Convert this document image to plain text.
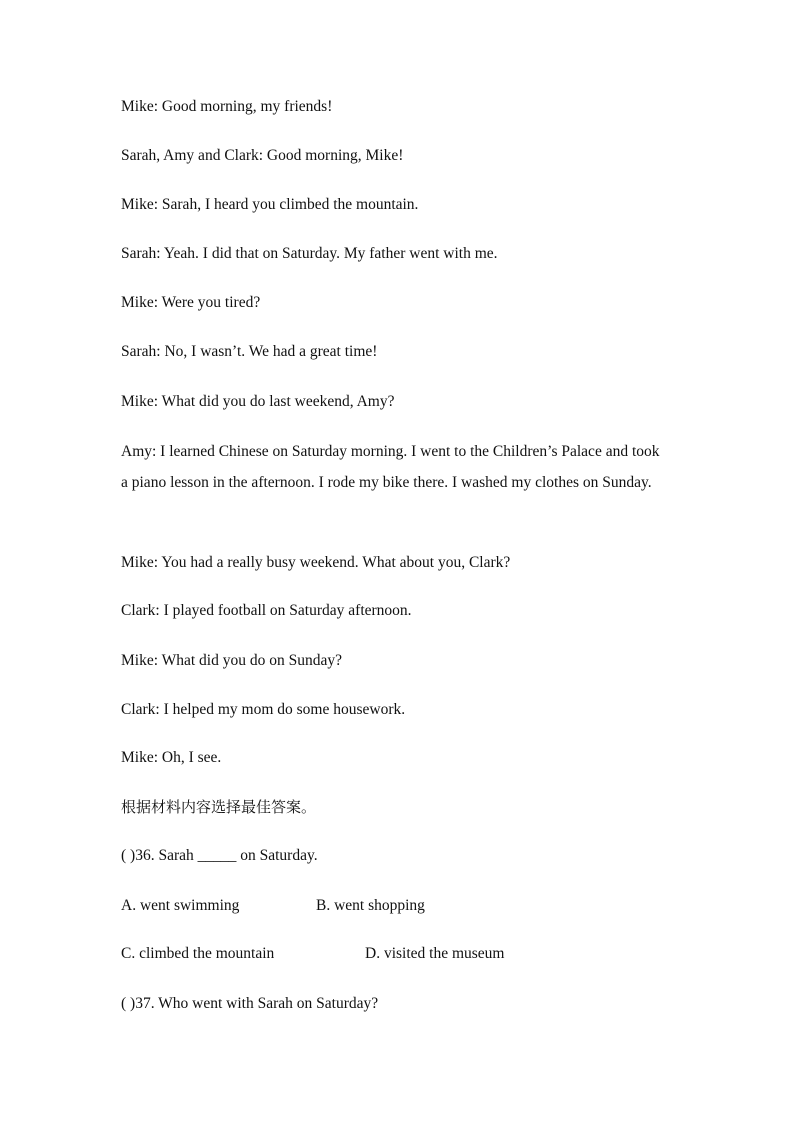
Mike: Good morning, my friends!

Sarah, Amy and Clark: Good morning, Mike!

Mike: Sarah, I heard you climbed the mountain.

Sarah: Yeah. I did that on Saturday. My father went with me.

Mike: Were you tired?

Sarah: No, I wasn’t. We had a great time!

Mike: What did you do last weekend, Amy?

Amy: I learned Chinese on Saturday morning. I went to the Children’s Palace and took a piano lesson in the afternoon. I rode my bike there. I washed my clothes on Sunday.

Mike: You had a really busy weekend. What about you, Clark?

Clark: I played football on Saturday afternoon.

Mike: What did you do on Sunday?

Clark: I helped my mom do some housework.

Mike: Oh, I see.

根据材料内容选择最佳答案。

( )36. Sarah _____ on Saturday.

A. went swimming	B. went shopping

C. climbed the mountain	D. visited the museum

( )37. Who went with Sarah on Saturday?
